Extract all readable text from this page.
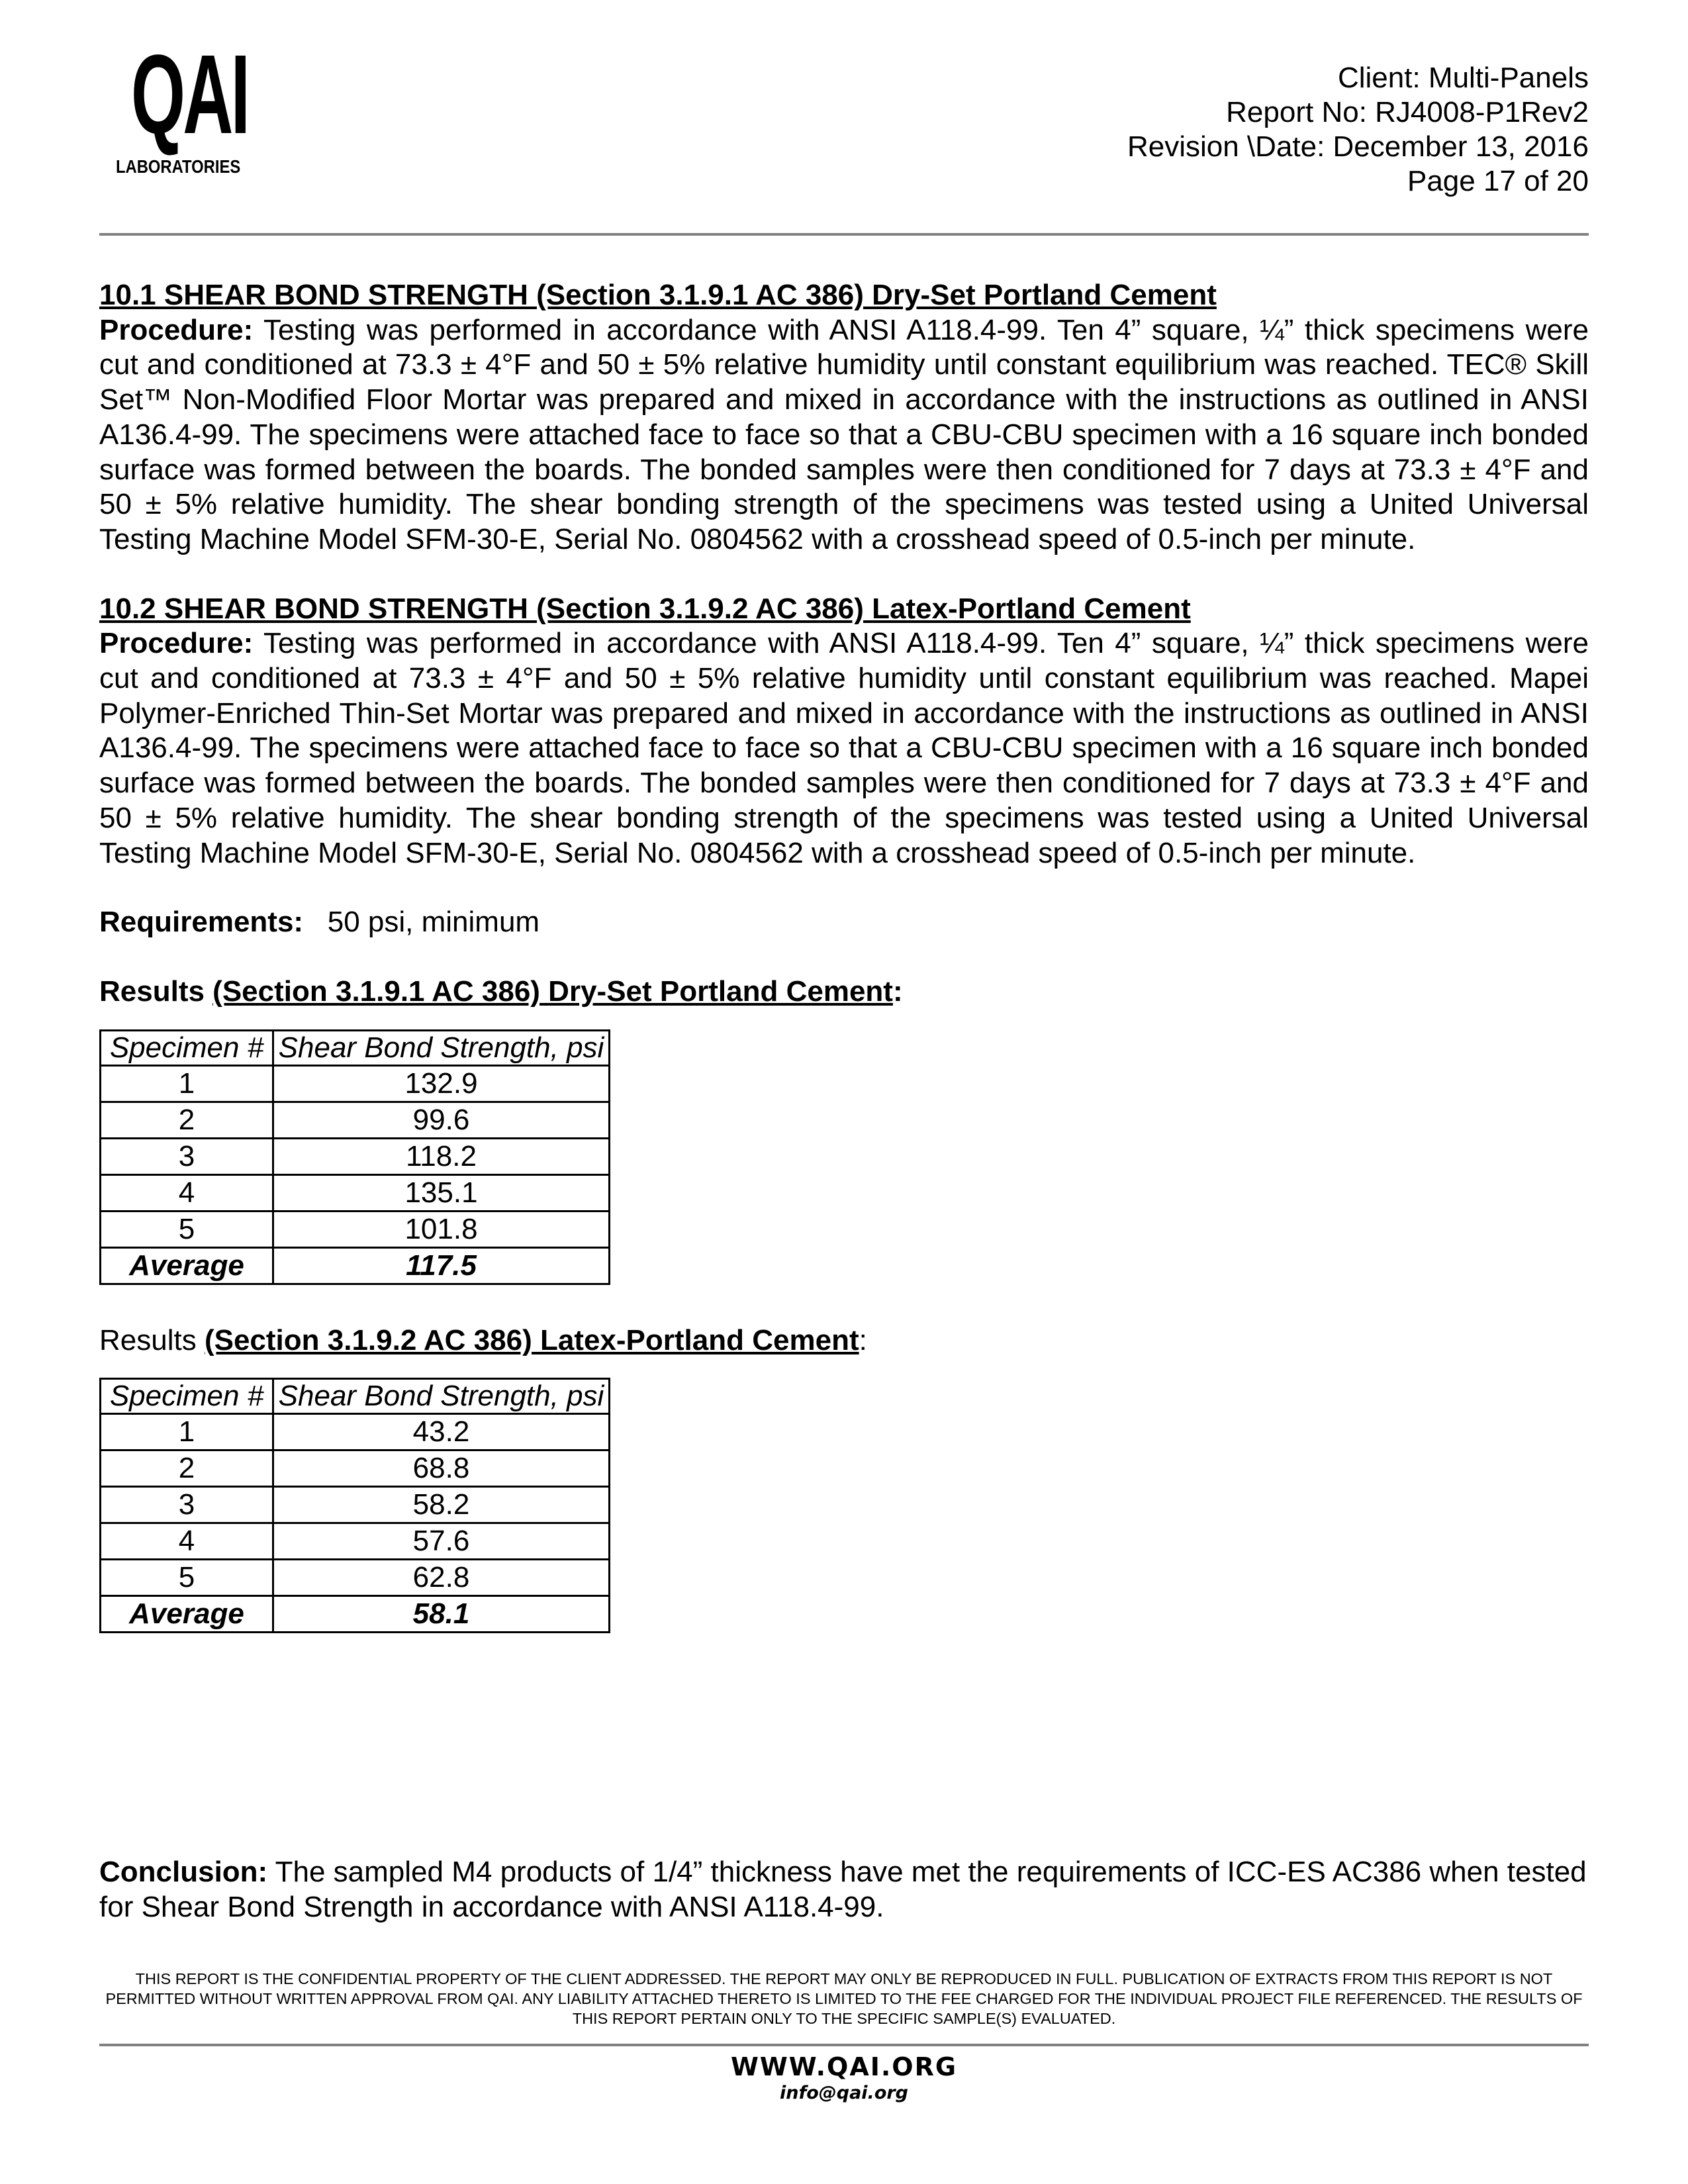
QAI
LABORATORIES
Client: Multi-Panels
Report No: RJ4008-P1Rev2
Revision \Date: December 13, 2016
Page 17 of 20
10.1 SHEAR BOND STRENGTH (Section 3.1.9.1 AC 386) Dry-Set Portland Cement

Procedure: Testing was performed in accordance with ANSI A118.4-99. Ten 4” square, ¼” thick specimens were cut and conditioned at 73.3 ± 4°F and 50 ± 5% relative humidity until constant equilibrium was reached. TEC® Skill Set™ Non-Modified Floor Mortar was prepared and mixed in accordance with the instructions as outlined in ANSI A136.4-99. The specimens were attached face to face so that a CBU-CBU specimen with a 16 square inch bonded surface was formed between the boards. The bonded samples were then conditioned for 7 days at 73.3 ± 4°F and 50 ± 5% relative humidity. The shear bonding strength of the specimens was tested using a United Universal Testing Machine Model SFM-30-E, Serial No. 0804562 with a crosshead speed of 0.5-inch per minute.

10.2 SHEAR BOND STRENGTH (Section 3.1.9.2 AC 386) Latex-Portland Cement

Procedure: Testing was performed in accordance with ANSI A118.4-99. Ten 4” square, ¼” thick specimens were cut and conditioned at 73.3 ± 4°F and 50 ± 5% relative humidity until constant equilibrium was reached. Mapei Polymer-Enriched Thin-Set Mortar was prepared and mixed in accordance with the instructions as outlined in ANSI A136.4-99. The specimens were attached face to face so that a CBU-CBU specimen with a 16 square inch bonded surface was formed between the boards. The bonded samples were then conditioned for 7 days at 73.3 ± 4°F and 50 ± 5% relative humidity. The shear bonding strength of the specimens was tested using a United Universal Testing Machine Model SFM-30-E, Serial No. 0804562 with a crosshead speed of 0.5-inch per minute.

Requirements: 50 psi, minimum

Results (Section 3.1.9.1 AC 386) Dry-Set Portland Cement:

Specimen #	Shear Bond Strength, psi
1	132.9
2	99.6
3	118.2
4	135.1
5	101.8
Average	117.5

Results (Section 3.1.9.2 AC 386) Latex-Portland Cement:

Specimen #	Shear Bond Strength, psi
1	43.2
2	68.8
3	58.2
4	57.6
5	62.8
Average	58.1

Conclusion: The sampled M4 products of 1/4” thickness have met the requirements of ICC-ES AC386 when tested for Shear Bond Strength in accordance with ANSI A118.4-99.

THIS REPORT IS THE CONFIDENTIAL PROPERTY OF THE CLIENT ADDRESSED. THE REPORT MAY ONLY BE REPRODUCED IN FULL. PUBLICATION OF EXTRACTS FROM THIS REPORT IS NOT PERMITTED WITHOUT WRITTEN APPROVAL FROM QAI. ANY LIABILITY ATTACHED THERETO IS LIMITED TO THE FEE CHARGED FOR THE INDIVIDUAL PROJECT FILE REFERENCED. THE RESULTS OF THIS REPORT PERTAIN ONLY TO THE SPECIFIC SAMPLE(S) EVALUATED.
WWW.QAI.ORG
info@qai.org
